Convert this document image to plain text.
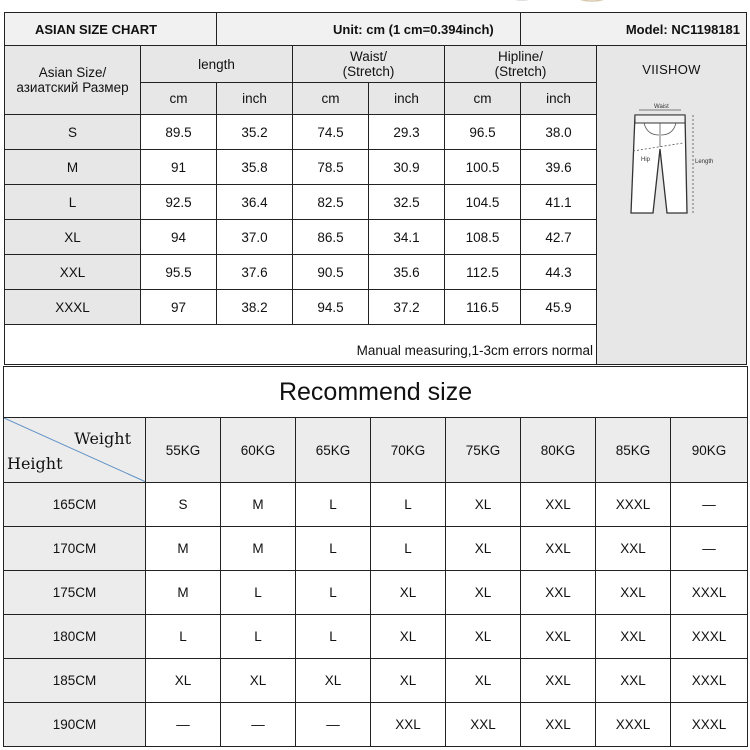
ASIAN SIZE CHART		Unit: cm (1 cm=0.394inch)				Model: NC1198181	
Asian Size/
азиатский Размер	length		Waist/
(Stretch)		Hipline/
(Stretch)		VIISHOW
Waist
Length
Hip

	cm	inch	cm	inch	cm	inch	
S	89.5	35.2	74.5	29.3	96.5	38.0	
M	91	35.8	78.5	30.9	100.5	39.6	
L	92.5	36.4	82.5	32.5	104.5	41.1	
XL	94	37.0	86.5	34.1	108.5	42.7	
XXL	95.5	37.6	90.5	35.6	112.5	44.3	
XXXL	97	38.2	94.5	37.2	116.5	45.9	
Manual measuring,1-3cm errors normal							
Recommend size								

Weight
Height	55KG	60KG	65KG	70KG	75KG	80KG	85KG	90KG
165CM	S	M	L	L	XL	XXL	XXXL	—
170CM	M	M	L	L	XL	XXL	XXL	—
175CM	M	L	L	XL	XL	XXL	XXL	XXXL
180CM	L	L	L	XL	XL	XXL	XXL	XXXL
185CM	XL	XL	XL	XL	XL	XXL	XXL	XXXL
190CM	—	—	—	XXL	XXL	XXL	XXXL	XXXL
